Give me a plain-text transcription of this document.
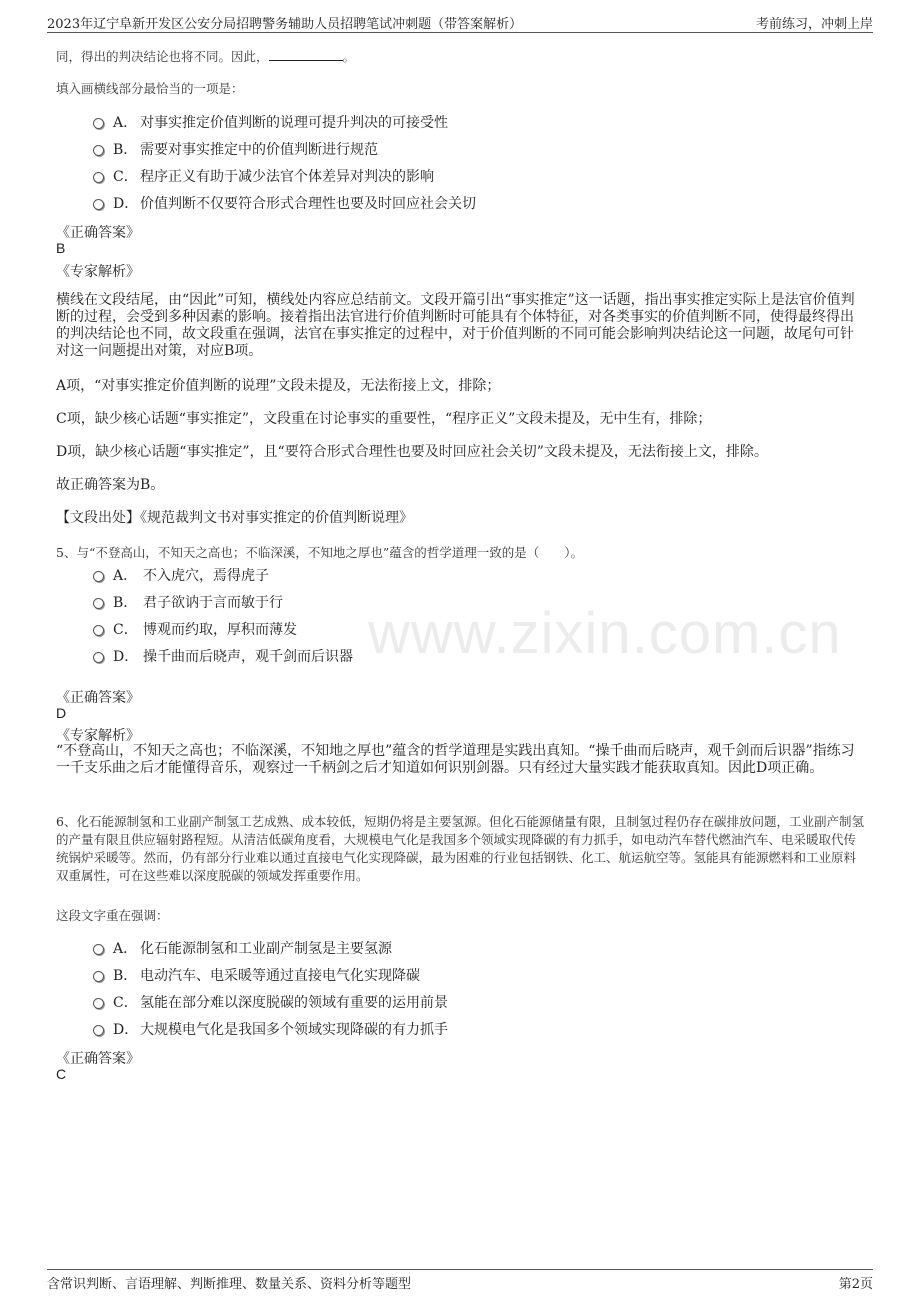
2023年辽宁阜新开发区公安分局招聘警务辅助人员招聘笔试冲刺题（带答案解析）	考前练习，冲刺上岸
www.zixin.com.cn
同，得出的判决结论也将不同。因此，	。
填入画横线部分最恰当的一项是：
A． 对事实推定价值判断的说理可提升判决的可接受性
B． 需要对事实推定中的价值判断进行规范
C． 程序正义有助于减少法官个体差异对判决的影响
D． 价值判断不仅要符合形式合理性也要及时回应社会关切
《正确答案》
B
《专家解析》
横线在文段结尾，由“因此”可知，横线处内容应总结前文。文段开篇引出“事实推定”这一话题，指出事实推定实际上是法官价值判断的过程，会受到多种因素的影响。接着指出法官进行价值判断时可能具有个体特征，对各类事实的价值判断不同，使得最终得出的判决结论也不同，故文段重在强调，法官在事实推定的过程中，对于价值判断的不同可能会影响判决结论这一问题，故尾句可针对这一问题提出对策，对应B项。
A项，“对事实推定价值判断的说理”文段未提及，无法衔接上文，排除；
C项，缺少核心话题“事实推定”，文段重在讨论事实的重要性，“程序正义”文段未提及，无中生有，排除；
D项，缺少核心话题“事实推定”，且“要符合形式合理性也要及时回应社会关切”文段未提及，无法衔接上文，排除。
故正确答案为B。
【文段出处】《规范裁判文书对事实推定的价值判断说理》
5、与“不登高山，不知天之高也；不临深溪，不知地之厚也”蕴含的哲学道理一致的是（　　）。
A． 不入虎穴，焉得虎子
B． 君子欲讷于言而敏于行
C． 博观而约取，厚积而薄发
D． 操千曲而后晓声，观千剑而后识器
《正确答案》
D
《专家解析》
“不登高山，不知天之高也；不临深溪，不知地之厚也”蕴含的哲学道理是实践出真知。“操千曲而后晓声，观千剑而后识器”指练习一千支乐曲之后才能懂得音乐，观察过一千柄剑之后才知道如何识别剑器。只有经过大量实践才能获取真知。因此D项正确。
6、化石能源制氢和工业副产制氢工艺成熟、成本较低，短期仍将是主要氢源。但化石能源储量有限，且制氢过程仍存在碳排放问题，工业副产制氢的产量有限且供应辐射路程短。从清洁低碳角度看，大规模电气化是我国多个领域实现降碳的有力抓手，如电动汽车替代燃油汽车、电采暖取代传统锅炉采暖等。然而，仍有部分行业难以通过直接电气化实现降碳，最为困难的行业包括钢铁、化工、航运航空等。氢能具有能源燃料和工业原料双重属性，可在这些难以深度脱碳的领域发挥重要作用。
这段文字重在强调：
A． 化石能源制氢和工业副产制氢是主要氢源
B． 电动汽车、电采暖等通过直接电气化实现降碳
C． 氢能在部分难以深度脱碳的领域有重要的运用前景
D． 大规模电气化是我国多个领域实现降碳的有力抓手
《正确答案》
C
含常识判断、言语理解、判断推理、数量关系、资料分析等题型	第2页
